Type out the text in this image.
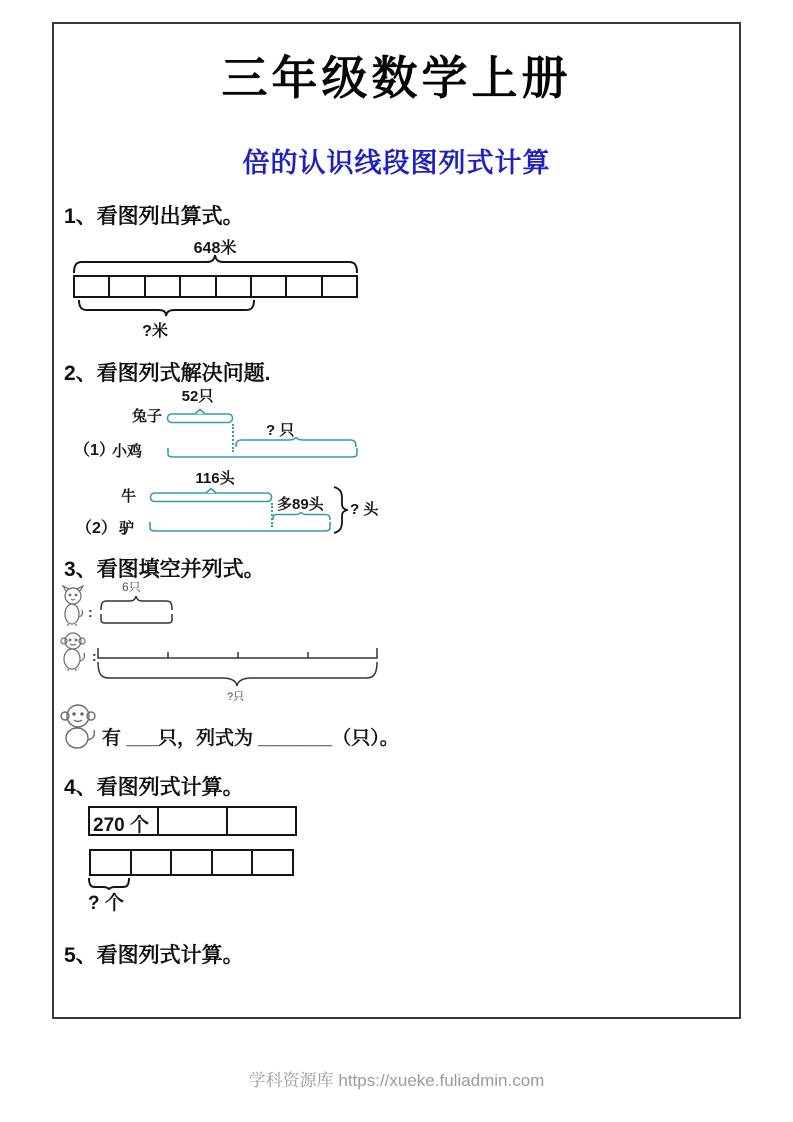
三年级数学上册
倍的认识线段图列式计算
1、看图列出算式。
648米
?米
2、看图列式解决问题.
52只
兔子
? 只
（1）
小鸡
116头
牛	多89头
（2） 驴
? 头
3、看图填空并列式。
:
6只
:
?只
有 ___只，列式为 _______（只）。
4、看图列式计算。
270 个
? 个
5、看图列式计算。
学科资源库 https://xueke.fuliadmin.com
